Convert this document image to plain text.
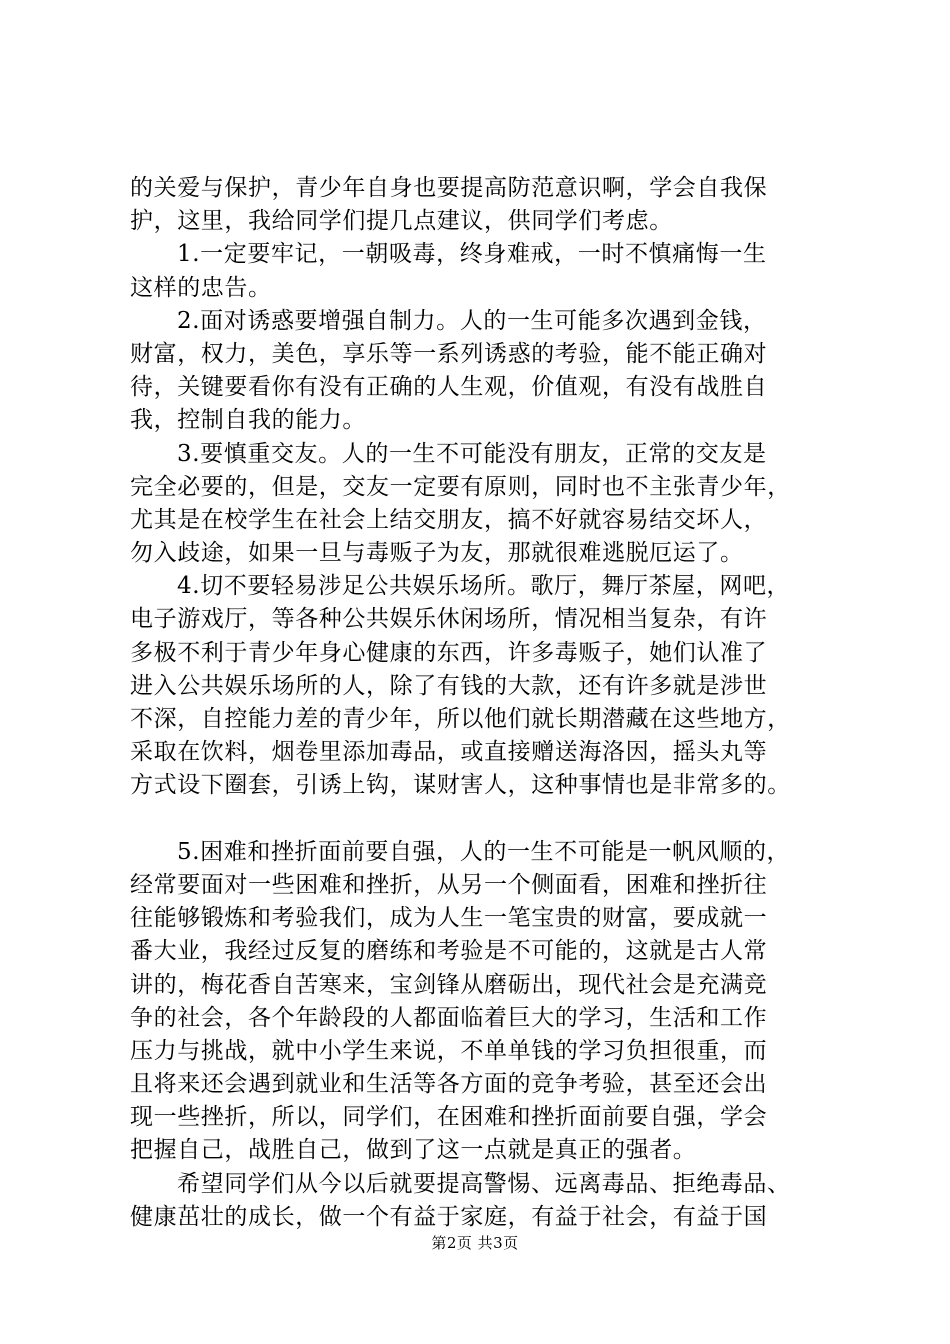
的关爱与保护，青少年自身也要提高防范意识啊，学会自我保
护，这里，我给同学们提几点建议，供同学们考虑。
1.一定要牢记，一朝吸毒，终身难戒，一时不慎痛悔一生
这样的忠告。
2.面对诱惑要增强自制力。人的一生可能多次遇到金钱，
财富，权力，美色，享乐等一系列诱惑的考验，能不能正确对
待，关键要看你有没有正确的人生观，价值观，有没有战胜自
我，控制自我的能力。
3.要慎重交友。人的一生不可能没有朋友，正常的交友是
完全必要的，但是，交友一定要有原则，同时也不主张青少年，
尤其是在校学生在社会上结交朋友，搞不好就容易结交坏人，
勿入歧途，如果一旦与毒贩子为友，那就很难逃脱厄运了。
4.切不要轻易涉足公共娱乐场所。歌厅，舞厅茶屋，网吧，
电子游戏厅，等各种公共娱乐休闲场所，情况相当复杂，有许
多极不利于青少年身心健康的东西，许多毒贩子，她们认准了
进入公共娱乐场所的人，除了有钱的大款，还有许多就是涉世
不深，自控能力差的青少年，所以他们就长期潜藏在这些地方，
采取在饮料，烟卷里添加毒品，或直接赠送海洛因，摇头丸等
方式设下圈套，引诱上钩，谋财害人，这种事情也是非常多的。
5.困难和挫折面前要自强，人的一生不可能是一帆风顺的，
经常要面对一些困难和挫折，从另一个侧面看，困难和挫折往
往能够锻炼和考验我们，成为人生一笔宝贵的财富，要成就一
番大业，我经过反复的磨练和考验是不可能的，这就是古人常
讲的，梅花香自苦寒来，宝剑锋从磨砺出，现代社会是充满竞
争的社会，各个年龄段的人都面临着巨大的学习，生活和工作
压力与挑战，就中小学生来说，不单单钱的学习负担很重，而
且将来还会遇到就业和生活等各方面的竞争考验，甚至还会出
现一些挫折，所以，同学们，在困难和挫折面前要自强，学会
把握自己，战胜自己，做到了这一点就是真正的强者。
希望同学们从今以后就要提高警惕、远离毒品、拒绝毒品、
健康茁壮的成长，做一个有益于家庭，有益于社会，有益于国
第2页 共3页
